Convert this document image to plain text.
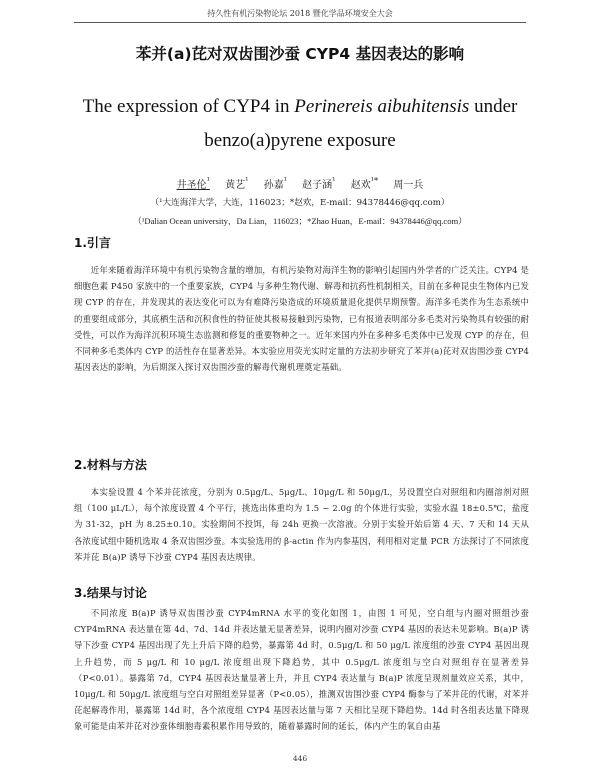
持久性有机污染物论坛 2018 暨化学品环境安全大会
苯并(a)芘对双齿围沙蚕 CYP4 基因表达的影响
The expression of CYP4 in Perinereis aibuhitensis under benzo(a)pyrene exposure
井圣伦$^{^1}$ 黄艺$^{^1}$ 孙嘉$^{^1}$ 赵子涵$^{^1}$ 赵欢$^{^1*}$ 周一兵
（¹大连海洋大学，大连，116023；*赵欢，E-mail：94378446@qq.com）
（¹Dalian Ocean university，Da Lian，116023；*Zhao Huan，E-mail：94378446@qq.com）
1.引言
近年来随着海洋环境中有机污染物含量的增加，有机污染物对海洋生物的影响引起国内外学者的广泛关注。CYP4 是细胞色素 P450 家族中的一个重要家族，CYP4 与多种生物代谢、解毒和抗药性机制相关，目前在多种昆虫生物体内已发现 CYP 的存在，并发现其的表达变化可以为有难降污染造成的环境质量退化提供早期预警。海洋多毛类作为生态系统中的重要组成部分，其底栖生活和沉积食性的特征使其极易接触到污染物，已有报道表明部分多毛类对污染物具有较强的耐受性，可以作为海洋沉积环境生态监测和修复的重要物种之一。近年来国内外在多种多毛类体中已发现 CYP 的存在，但不同种多毛类体内 CYP 的活性存在显著差异。本实验应用荧光实时定量的方法初步研究了苯并(a)芘对双齿围沙蚕 CYP4 基因表达的影响，为后期深入探讨双齿围沙蚕的解毒代谢机理奠定基础。
2.材料与方法
本实验设置 4 个苯并芘浓度，分别为 0.5μg/L、5μg/L、10μg/L 和 50μg/L，另设置空白对照组和内圈溶剂对照组（100 μL/L），每个浓度设置 4 个平行，挑选出体重均为 1.5 ~ 2.0g 的个体进行实验，实验水温 18±0.5℃，盐度为 31-32，pH 为 8.25±0.10。实验期间不投饵，每 24h 更换一次溶液。分别于实验开始后第 4 天、7 天和 14 天从各浓度试组中随机选取 4 条双齿围沙蚕。本实验选用的 β-actin 作为内参基因，利用相对定量 PCR 方法探讨了不同浓度苯并芘 B(a)P 诱导下沙蚕 CYP4 基因表达规律。
3.结果与讨论
不同浓度 B(a)P 诱导双齿围沙蚕 CYP4mRNA 水平的变化如图 1，由图 1 可见，空白组与内圈对照组沙蚕 CYP4mRNA 表达量在第 4d、7d、14d 并表达量无显著差异，说明内圈对沙蚕 CYP4 基因的表达未见影响。B(a)P 诱导下沙蚕 CYP4 基因出现了先上升后下降的趋势，暴露第 4d 时，0.5μg/L 和 50 μg/L 浓度组的沙蚕 CYP4 基因出现上升趋势，而 5 μg/L 和 10 μg/L 浓度组出现下降趋势，其中 0.5μg/L 浓度组与空白对照组存在显著差异（P<0.01）。暴露第 7d，CYP4 基因表达量显著上升，并且 CYP4 表达量与 B(a)P 浓度呈现剂量效应关系，其中，10μg/L 和 50μg/L 浓度组与空白对照组差异显著（P<0.05），推测双齿围沙蚕 CYP4 酶参与了苯并芘的代谢，对苯并芘起解毒作用，暴露第 14d 时，各个浓度组 CYP4 基因表达量与第 7 天相比呈现下降趋势。14d 时各组表达量下降现象可能是由苯并芘对沙蚕体细胞毒素积累作用导致的，随着暴露时间的延长，体内产生的氧自由基
446
